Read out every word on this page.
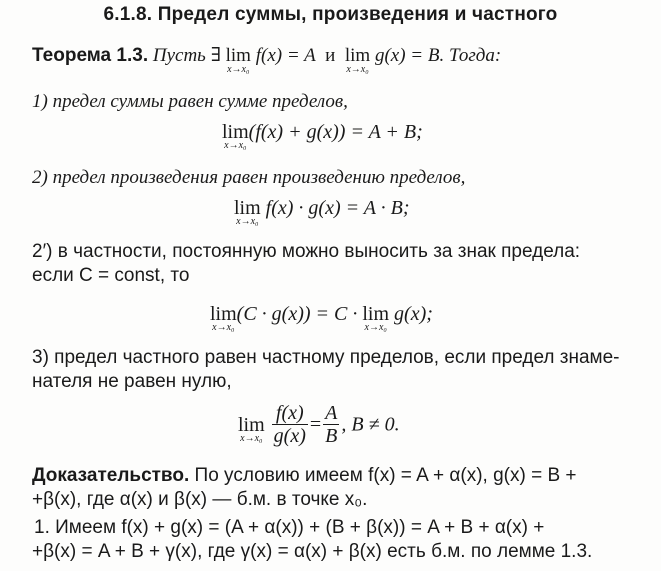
6.1.8. Предел суммы, произведения и частного
Теорема 1.3. Пусть ∃ lim
x→x₀
f(x) = A и lim
x→x₀
g(x) = B. Тогда:
1) предел суммы равен сумме пределов,
lim
x→x₀
(f(x) + g(x)) = A + B;
2) предел произведения равен произведению пределов,
lim
x→x₀
f(x) · g(x) = A · B;
2′) в частности, постоянную можно выносить за знак предела:
если C = const, то
lim
x→x₀
(C · g(x)) = C · lim
x→x₀
g(x);
3) предел частного равен частному пределов, если предел знаме-
нателя не равен нулю,
lim
x→x₀
$\frac{f(x)}{g(x)} = \frac{A}{B}$ , B ≠ 0.
Доказательство. По условию имеем f(x) = A + α(x), g(x) = B +
+β(x), где α(x) и β(x) — б.м. в точке x₀.
1. Имеем f(x) + g(x) = (A + α(x)) + (B + β(x)) = A + B + α(x) +
+β(x) = A + B + γ(x), где γ(x) = α(x) + β(x) есть б.м. по лемме 1.3.
